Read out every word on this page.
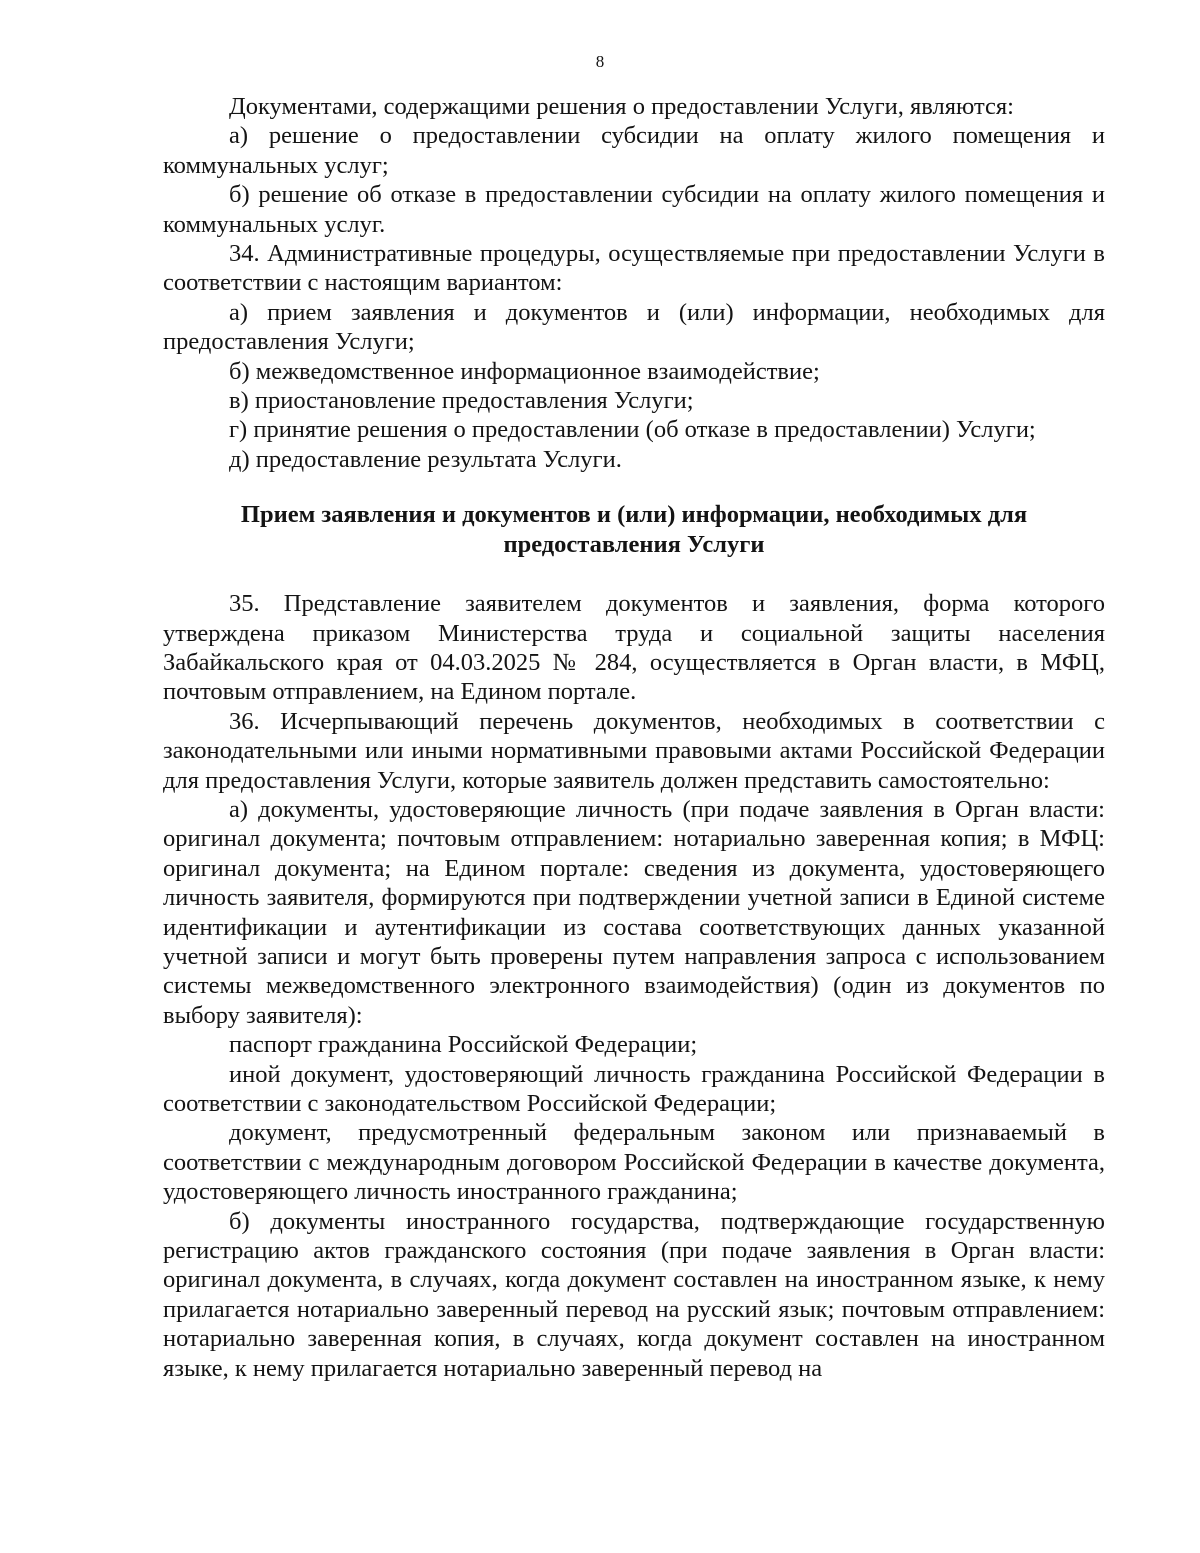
8

Документами, содержащими решения о предоставлении Услуги, являются:

а) решение о предоставлении субсидии на оплату жилого помещения и коммунальных услуг;

б) решение об отказе в предоставлении субсидии на оплату жилого помещения и коммунальных услуг.

34. Административные процедуры, осуществляемые при предоставлении Услуги в соответствии с настоящим вариантом:

а) прием заявления и документов и (или) информации, необходимых для предоставления Услуги;

б) межведомственное информационное взаимодействие;

в) приостановление предоставления Услуги;

г) принятие решения о предоставлении (об отказе в предоставлении) Услуги;

д) предоставление результата Услуги.

Прием заявления и документов и (или) информации, необходимых для предоставления Услуги

35. Представление заявителем документов и заявления, форма которого утверждена приказом Министерства труда и социальной защиты населения Забайкальского края от 04.03.2025 № 284, осуществляется в Орган власти, в МФЦ, почтовым отправлением, на Едином портале.

36. Исчерпывающий перечень документов, необходимых в соответствии с законодательными или иными нормативными правовыми актами Российской Федерации для предоставления Услуги, которые заявитель должен представить самостоятельно:

а) документы, удостоверяющие личность (при подаче заявления в Орган власти: оригинал документа; почтовым отправлением: нотариально заверенная копия; в МФЦ: оригинал документа; на Едином портале: сведения из документа, удостоверяющего личность заявителя, формируются при подтверждении учетной записи в Единой системе идентификации и аутентификации из состава соответствующих данных указанной учетной записи и могут быть проверены путем направления запроса с использованием системы межведомственного электронного взаимодействия) (один из документов по выбору заявителя):

паспорт гражданина Российской Федерации;

иной документ, удостоверяющий личность гражданина Российской Федерации в соответствии с законодательством Российской Федерации;

документ, предусмотренный федеральным законом или признаваемый в соответствии с международным договором Российской Федерации в качестве документа, удостоверяющего личность иностранного гражданина;

б) документы иностранного государства, подтверждающие государственную регистрацию актов гражданского состояния (при подаче заявления в Орган власти: оригинал документа, в случаях, когда документ составлен на иностранном языке, к нему прилагается нотариально заверенный перевод на русский язык; почтовым отправлением: нотариально заверенная копия, в случаях, когда документ составлен на иностранном языке, к нему прилагается нотариально заверенный перевод на
